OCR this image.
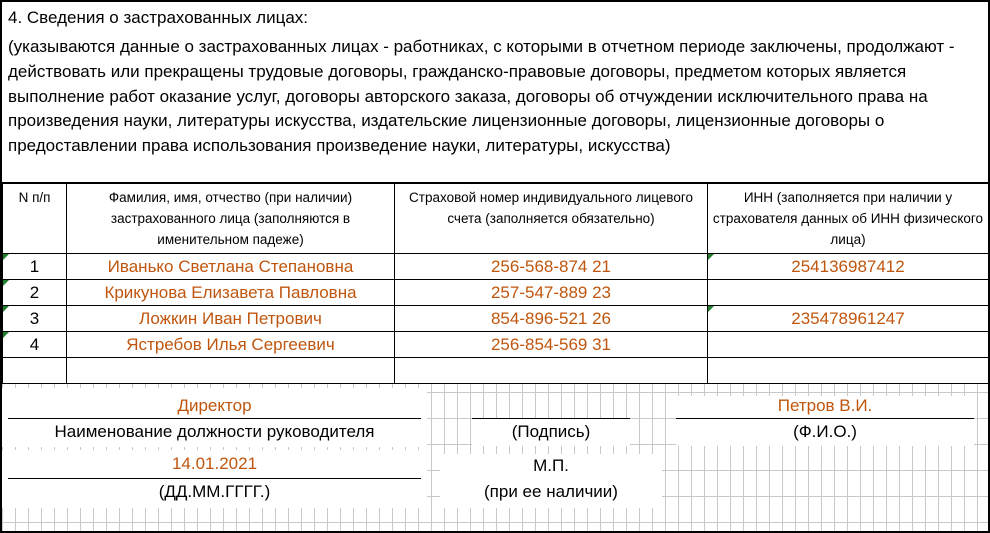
4. Сведения о застрахованных лицах:
(указываются данные о застрахованных лицах - работниках, с которыми в отчетном периоде заключены, продолжают - действовать или прекращены трудовые договоры, гражданско-правовые договоры, предметом которых является выполнение работ оказание услуг, договоры авторского заказа, договоры об отчуждении исключительного права на произведения науки, литературы искусства, издательские лицензионные договоры, лицензионные договоры о предоставлении права использования произведение науки, литературы, искусства)
N п/п	Фамилия, имя, отчество (при наличии) застрахованного лица (заполняются в именительном падеже)	Страховой номер индивидуального лицевого счета (заполняется обязательно)	ИНН (заполняется при наличии у страхователя данных об ИНН физического лица)

1	Иванько Светлана Степановна	256-568-874 21	254136987412

2	Крикунова Елизавета Павловна	257-547-889 23	

3	Ложкин Иван Петрович	854-896-521 26	235478961247

4	Ястребов Илья Сергеевич	256-854-569 31	

Директор
Наименование должности руководителя	(Подпись)
Петров В.И.
(Ф.И.О.)
14.01.2021
(ДД.ММ.ГГГГ.)
М.П.
(при ее наличии)
